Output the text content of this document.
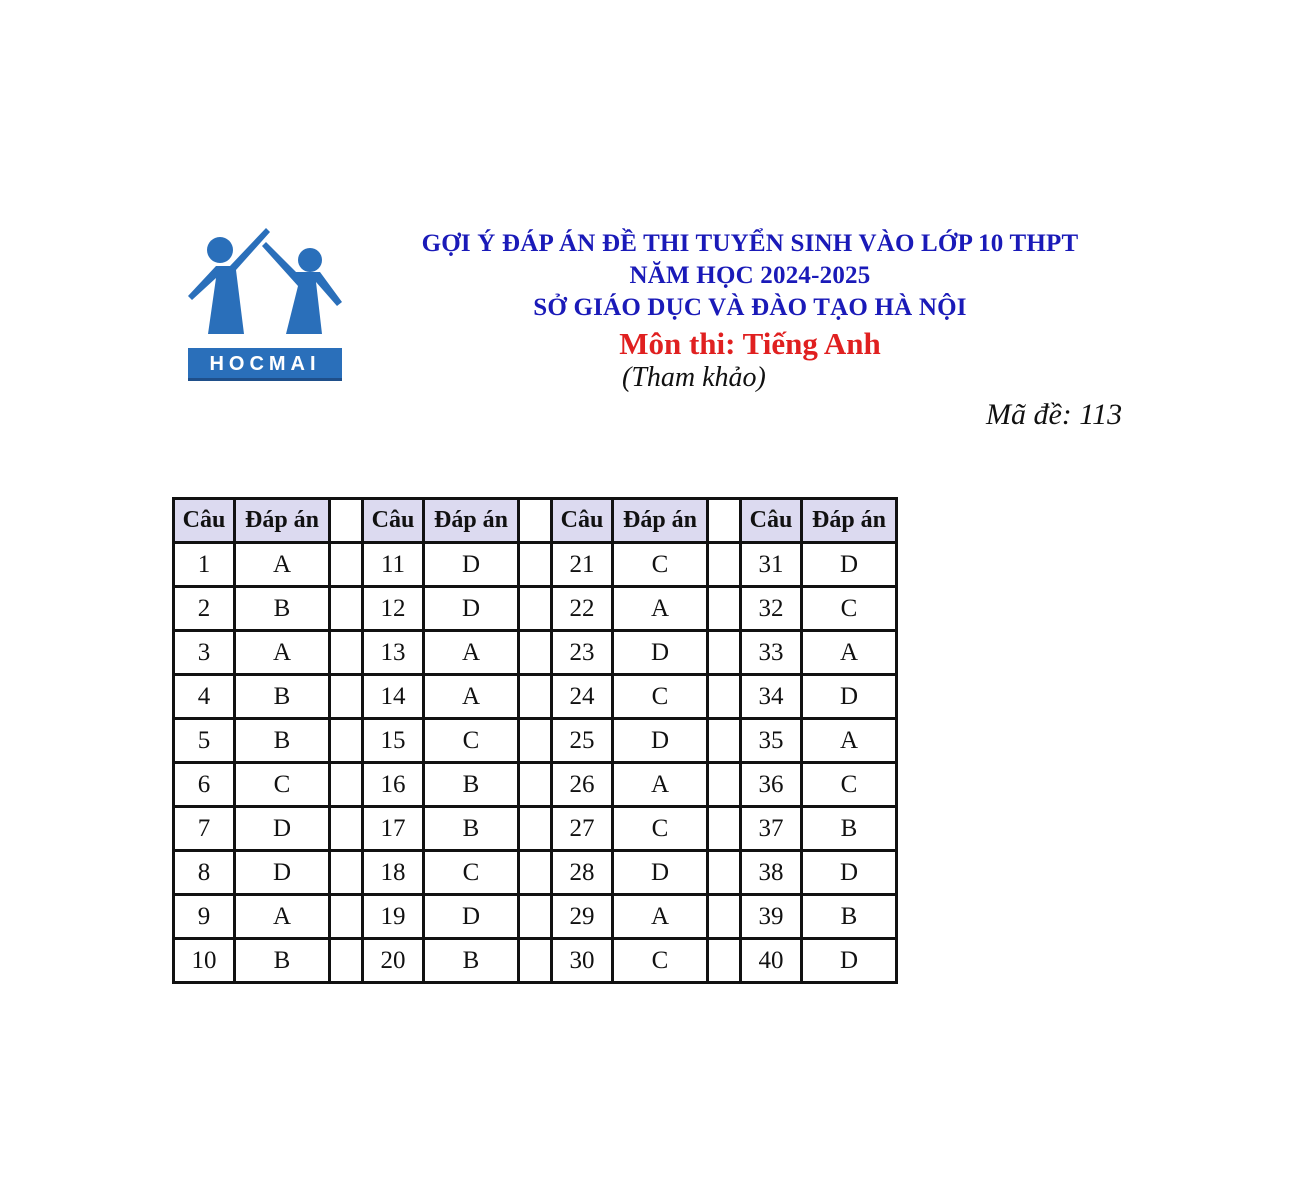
HOCMAI
GỢI Ý ĐÁP ÁN ĐỀ THI TUYỂN SINH VÀO LỚP 10 THPT
NĂM HỌC 2024-2025
SỞ GIÁO DỤC VÀ ĐÀO TẠO HÀ NỘI
Môn thi: Tiếng Anh
(Tham khảo)
Mã đề: 113
Câu	Đáp án		Câu	Đáp án		Câu	Đáp án		Câu	Đáp án
1	A		11	D		21	C		31	D
2	B		12	D		22	A		32	C
3	A		13	A		23	D		33	A
4	B		14	A		24	C		34	D
5	B		15	C		25	D		35	A
6	C		16	B		26	A		36	C
7	D		17	B		27	C		37	B
8	D		18	C		28	D		38	D
9	A		19	D		29	A		39	B
10	B		20	B		30	C		40	D
